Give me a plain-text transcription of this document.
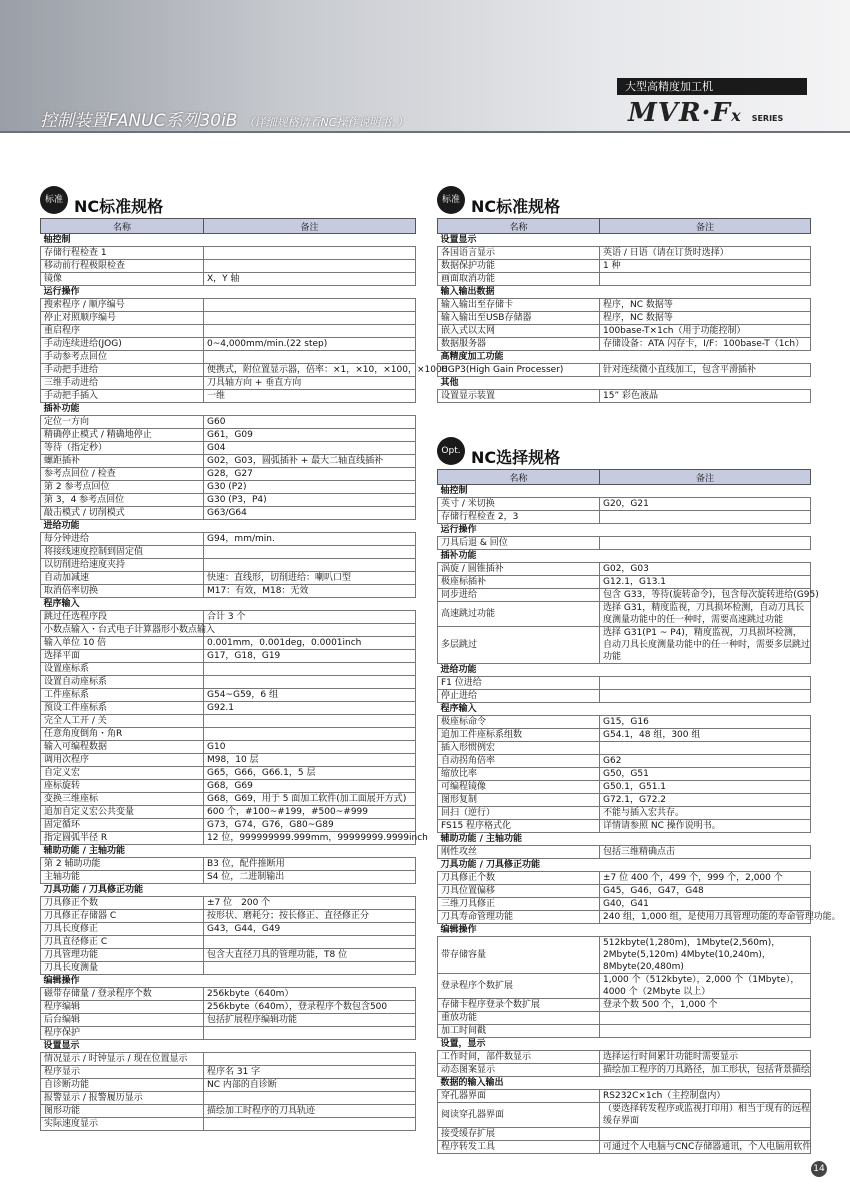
控制装置FANUC系列30iB （详细规格请看NC操作说明书。）
大型高精度加工机
MVR·Fx SERIES
标准 NC标准规格
名称	备注
轴控制	
存储行程检查 1	
移动前行程极限检查	
镜像	X，Y 轴
运行操作	
搜索程序 / 顺序编号	
停止对照顺序编号	
重启程序	
手动连续进给(JOG)	0~4,000mm/min.(22 step)
手动参考点回位	
手动把手进给	便携式，附位置显示器，倍率：×1，×10，×100，×1000
三维手动进给	刀具轴方向 + 垂直方向
手动把手插入	一维
插补功能	
定位一方向	G60
精确停止模式 / 精确地停止	G61，G09
等待（指定秒）	G04
螺距插补	G02，G03，圆弧插补 + 最大二轴直线插补
参考点回位 / 检查	G28，G27
第 2 参考点回位	G30 (P2)
第 3，4 参考点回位	G30 (P3，P4)
敲击模式 / 切削模式	G63/G64
进给功能	
每分钟进给	G94，mm/min.
将接线速度控制到固定值	
以切削进给速度夹持	
自动加减速	快速：直线形，切削进给：喇叭口型
取消倍率切换	M17：有效，M18：无效
程序输入	
跳过任选程序段	合计 3 个
小数点输入・台式电子计算器形小数点输入	
输入单位 10 倍	0.001mm，0.001deg，0.0001inch
选择平面	G17，G18，G19
设置座标系	
设置自动座标系	
工件座标系	G54~G59，6 组
预设工件座标系	G92.1
完全人工开 / 关	
任意角度倒角・角R	
输入可编程数据	G10
调用次程序	M98，10 层
自定义宏	G65，G66，G66.1，5 层
座标旋转	G68，G69
变换三维座标	G68，G69，用于 5 面加工软件(加工面展开方式)
追加自定义宏公共变量	600 个，#100~#199，#500~#999
固定循环	G73，G74，G76，G80~G89
指定圆弧半径 R	12 位，999999999.999mm，99999999.9999inch
辅助功能 / 主轴功能	
第 2 辅助功能	B3 位，配件推断用
主轴功能	S4 位，二进制输出
刀具功能 / 刀具修正功能	
刀具修正个数	±7 位　200 个
刀具修正存储器 C	按形状、磨耗分；按长修正、直径修正分
刀具长度修正	G43，G44，G49
刀具直径修正 C	
刀具管理功能	包含大直径刀具的管理功能，T8 位
刀具长度测量	
编辑操作	
磁带存储量 / 登录程序个数	256kbyte（640m）
程序编辑	256kbyte（640m），登录程序个数包含500
后台编辑	包括扩展程序编辑功能
程序保护	
设置显示	
情况显示 / 时钟显示 / 现在位置显示	
程序显示	程序名 31 字
自诊断功能	NC 内部的自诊断
报警显示 / 报警履历显示	
图形功能	描绘加工时程序的刀具轨迹
实际速度显示	
标准 NC标准规格
名称	备注
设置显示	
各国语言显示	英语 / 日语（请在订货时选择）
数据保护功能	1 种
画面取消功能	
输入输出数据	
输入输出至存储卡	程序，NC 数据等
输入输出至USB存储器	程序，NC 数据等
嵌入式以太网	100base-T×1ch（用于功能控制）
数据服务器	存储设备：ATA 闪存卡，I/F：100base-T（1ch）
高精度加工功能	
HGP3(High Gain Processer)	针对连续微小直线加工，包含平滑插补
其他	
设置显示装置	15” 彩色液晶
Opt. NC选择规格
名称	备注
轴控制	
英寸 / 米切换	G20，G21
存储行程检查 2，3	
运行操作	
刀具后退 & 回位	
插补功能	
涡旋 / 圆锥插补	G02，G03
极座标插补	G12.1，G13.1
同步进给	包含 G33，等待(旋转命令)，包含每次旋转进给(G95)
高速跳过功能	选择 G31，精度监视，刀具损坏检测，自动刀具长度测量功能中的任一种时，需要高速跳过功能
多层跳过	选择 G31(P1 ~ P4)，精度监视，刀具损坏检测，自动刀具长度测量功能中的任一种时，需要多层跳过功能
进给功能	
F1 位进给	
停止进给	
程序输入	
极座标命令	G15，G16
追加工件座标系组数	G54.1，48 组，300 组
插入形惯例宏	
自动拐角倍率	G62
缩放比率	G50，G51
可编程镜像	G50.1，G51.1
图形复制	G72.1，G72.2
回扫（逆行）	不能与插入宏共存。
FS15 程序格式化	详情请参照 NC 操作说明书。
辅助功能 / 主轴功能	
刚性攻丝	包括三维精确点击
刀具功能 / 刀具修正功能	
刀具修正个数	±7 位 400 个，499 个，999 个，2,000 个
刀具位置偏移	G45，G46，G47，G48
三维刀具修正	G40，G41
刀具寿命管理功能	240 组，1,000 组，是使用刀具管理功能的寿命管理功能。
编辑操作	
带存储容量	512kbyte(1,280m)，1Mbyte(2,560m)，2Mbyte(5,120m) 4Mbyte(10,240m)，8Mbyte(20,480m)
登录程序个数扩展	1,000 个（512kbyte），2,000 个（1Mbyte），4000 个（2Mbyte 以上）
存储卡程序登录个数扩展	登录个数 500 个，1,000 个
重放功能	
加工时间戳	
设置，显示	
工作时间，部件数显示	选择运行时间累计功能时需要显示
动态图案显示	描绘加工程序的刀具路径，加工形状，包括背景描绘
数据的输入输出	
穿孔器界面	RS232C×1ch（主控制盘内）
阅读穿孔器界面	（要选择转发程序或监视打印用）相当于现有的远程缓存界面
接受缓存扩展	
程序转发工具	可通过个人电脑与CNC存储器通讯，个人电脑用软件
14
